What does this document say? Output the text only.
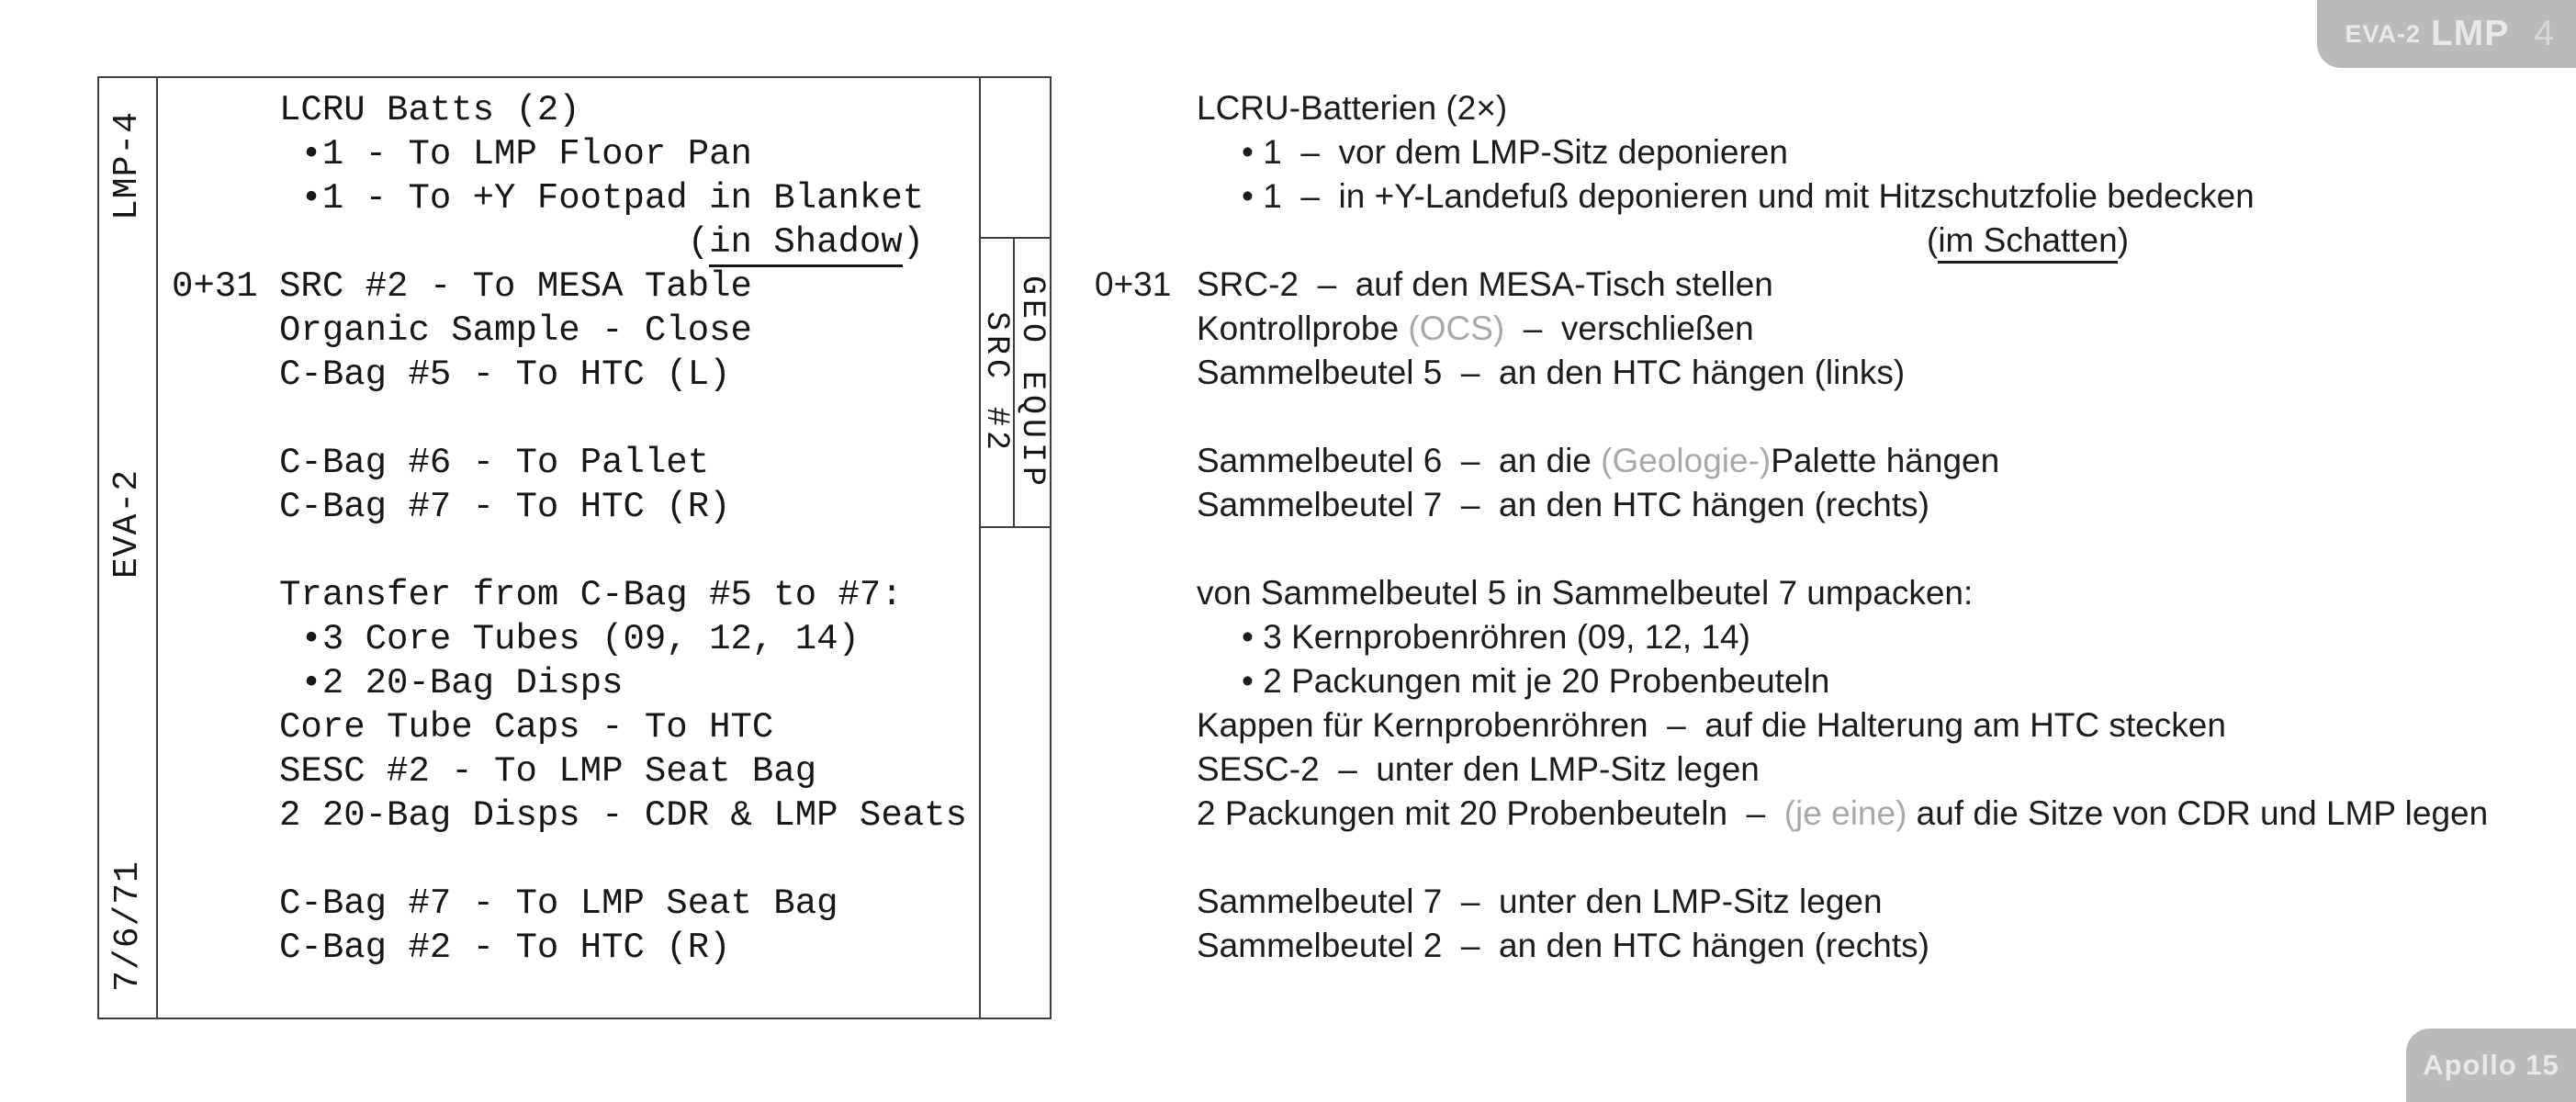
EVA-2 LMP 4
LMP-4
EVA-2
7/6/71
SRC #2 GEO EQUIP
LCRU Batts (2)
•1 - To LMP Floor Pan
•1 - To +Y Footpad in Blanket
(in Shadow)
0+31 SRC #2 - To MESA Table
Organic Sample - Close
C-Bag #5 - To HTC (L)
C-Bag #6 - To Pallet
C-Bag #7 - To HTC (R)
Transfer from C-Bag #5 to #7:
•3 Core Tubes (09, 12, 14)
•2 20-Bag Disps
Core Tube Caps - To HTC
SESC #2 - To LMP Seat Bag
2 20-Bag Disps - CDR & LMP Seats
C-Bag #7 - To LMP Seat Bag
C-Bag #2 - To HTC (R)
LCRU-Batterien (2×)
• 1  –  vor dem LMP-Sitz deponieren
• 1  –  in +Y-Landefuß deponieren und mit Hitzschutzfolie bedecken
(im Schatten)
0+31 SRC-2  –  auf den MESA-Tisch stellen
Kontrollprobe (OCS)  –  verschließen
Sammelbeutel 5  –  an den HTC hängen (links)
Sammelbeutel 6  –  an die (Geologie-)Palette hängen
Sammelbeutel 7  –  an den HTC hängen (rechts)
von Sammelbeutel 5 in Sammelbeutel 7 umpacken:
• 3 Kernprobenröhren (09, 12, 14)
• 2 Packungen mit je 20 Probenbeuteln
Kappen für Kernprobenröhren  –  auf die Halterung am HTC stecken
SESC-2  –  unter den LMP-Sitz legen
2 Packungen mit 20 Probenbeuteln  –  (je eine) auf die Sitze von CDR und LMP legen
Sammelbeutel 7  –  unter den LMP-Sitz legen
Sammelbeutel 2  –  an den HTC hängen (rechts)
Apollo 15
